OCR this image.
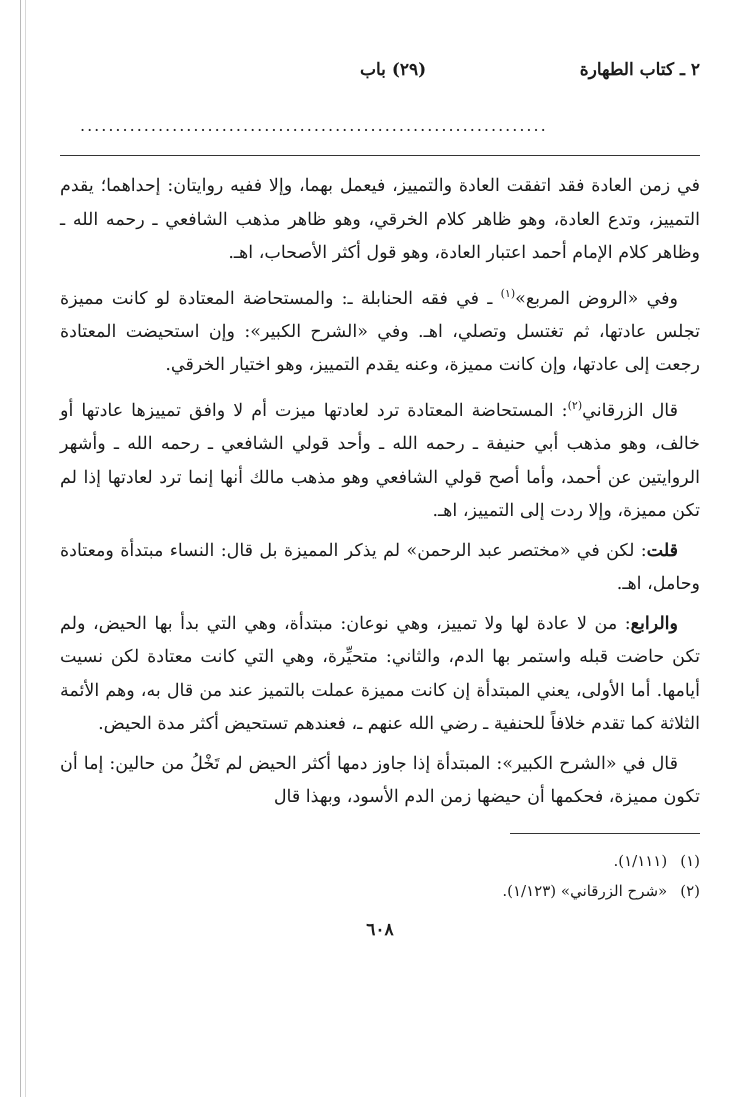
٢ ـ كتاب الطهارة
(٢٩) باب
..................................................................

في زمن العادة فقد اتفقت العادة والتمييز، فيعمل بهما، وإلا ففيه روايتان: إحداهما؛ يقدم التمييز، وتدع العادة، وهو ظاهر كلام الخرقي، وهو ظاهر مذهب الشافعي ـ رحمه الله ـ وظاهر كلام الإمام أحمد اعتبار العادة، وهو قول أكثر الأصحاب، اهـ.

وفي «الروض المربع»$^{(١)}$ ـ في فقه الحنابلة ـ: والمستحاضة المعتادة لو كانت مميزة تجلس عادتها، ثم تغتسل وتصلي، اهـ. وفي «الشرح الكبير»: وإن استحيضت المعتادة رجعت إلى عادتها، وإن كانت مميزة، وعنه يقدم التمييز، وهو اختيار الخرقي.

قال الزرقاني$^{(٢)}$: المستحاضة المعتادة ترد لعادتها ميزت أم لا وافق تمييزها عادتها أو خالف، وهو مذهب أبي حنيفة ـ رحمه الله ـ وأحد قولي الشافعي ـ رحمه الله ـ وأشهر الروايتين عن أحمد، وأما أصح قولي الشافعي وهو مذهب مالك أنها إنما ترد لعادتها إذا لم تكن مميزة، وإلا ردت إلى التمييز، اهـ.

قلت: لكن في «مختصر عبد الرحمن» لم يذكر المميزة بل قال: النساء مبتدأة ومعتادة وحامل، اهـ.

والرابع: من لا عادة لها ولا تمييز، وهي نوعان: مبتدأة، وهي التي بدأ بها الحيض، ولم تكن حاضت قبله واستمر بها الدم، والثاني: متحيِّرة، وهي التي كانت معتادة لكن نسيت أيامها. أما الأولى، يعني المبتدأة إن كانت مميزة عملت بالتميز عند من قال به، وهم الأئمة الثلاثة كما تقدم خلافاً للحنفية ـ رضي الله عنهم ـ، فعندهم تستحيض أكثر مدة الحيض.

قال في «الشرح الكبير»: المبتدأة إذا جاوز دمها أكثر الحيض لم تَخْلُ من حالين: إما أن تكون مميزة، فحكمها أن حيضها زمن الدم الأسود، وبهذا قال

(١) (١/١١١).
(٢) «شرح الزرقاني» (١/١٢٣).
٦٠٨
